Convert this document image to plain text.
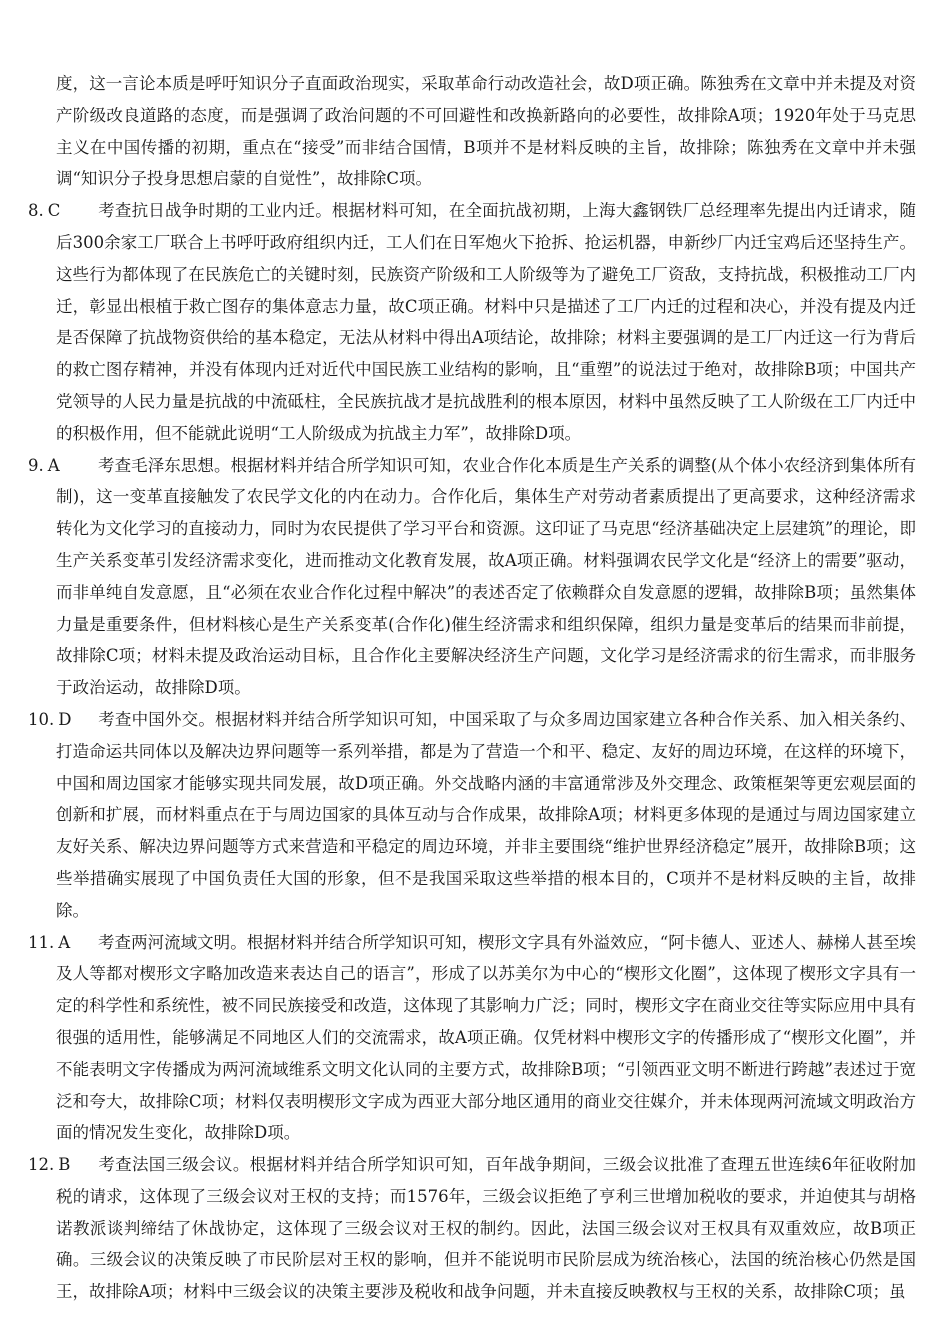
度，这一言论本质是呼吁知识分子直面政治现实，采取革命行动改造社会，故D项正确。陈独秀在文章中并未提及对资产阶级改良道路的态度，而是强调了政治问题的不可回避性和改换新路向的必要性，故排除A项；1920年处于马克思主义在中国传播的初期，重点在“接受”而非结合国情，B项并不是材料反映的主旨，故排除；陈独秀在文章中并未强调“知识分子投身思想启蒙的自觉性”，故排除C项。

8. C	考查抗日战争时期的工业内迁。根据材料可知，在全面抗战初期，上海大鑫钢铁厂总经理率先提出内迁请求，随后300余家工厂联合上书呼吁政府组织内迁，工人们在日军炮火下抢拆、抢运机器，申新纱厂内迁宝鸡后还坚持生产。这些行为都体现了在民族危亡的关键时刻，民族资产阶级和工人阶级等为了避免工厂资敌，支持抗战，积极推动工厂内迁，彰显出根植于救亡图存的集体意志力量，故C项正确。材料中只是描述了工厂内迁的过程和决心，并没有提及内迁是否保障了抗战物资供给的基本稳定，无法从材料中得出A项结论，故排除；材料主要强调的是工厂内迁这一行为背后的救亡图存精神，并没有体现内迁对近代中国民族工业结构的影响，且“重塑”的说法过于绝对，故排除B项；中国共产党领导的人民力量是抗战的中流砥柱，全民族抗战才是抗战胜利的根本原因，材料中虽然反映了工人阶级在工厂内迁中的积极作用，但不能就此说明“工人阶级成为抗战主力军”，故排除D项。
9. A	考查毛泽东思想。根据材料并结合所学知识可知，农业合作化本质是生产关系的调整(从个体小农经济到集体所有制)，这一变革直接触发了农民学文化的内在动力。合作化后，集体生产对劳动者素质提出了更高要求，这种经济需求转化为文化学习的直接动力，同时为农民提供了学习平台和资源。这印证了马克思“经济基础决定上层建筑”的理论，即生产关系变革引发经济需求变化，进而推动文化教育发展，故A项正确。材料强调农民学文化是“经济上的需要”驱动，而非单纯自发意愿，且“必须在农业合作化过程中解决”的表述否定了依赖群众自发意愿的逻辑，故排除B项；虽然集体力量是重要条件，但材料核心是生产关系变革(合作化)催生经济需求和组织保障，组织力量是变革后的结果而非前提，故排除C项；材料未提及政治运动目标，且合作化主要解决经济生产问题，文化学习是经济需求的衍生需求，而非服务于政治运动，故排除D项。
10. D	考查中国外交。根据材料并结合所学知识可知，中国采取了与众多周边国家建立各种合作关系、加入相关条约、打造命运共同体以及解决边界问题等一系列举措，都是为了营造一个和平、稳定、友好的周边环境，在这样的环境下，中国和周边国家才能够实现共同发展，故D项正确。外交战略内涵的丰富通常涉及外交理念、政策框架等更宏观层面的创新和扩展，而材料重点在于与周边国家的具体互动与合作成果，故排除A项；材料更多体现的是通过与周边国家建立友好关系、解决边界问题等方式来营造和平稳定的周边环境，并非主要围绕“维护世界经济稳定”展开，故排除B项；这些举措确实展现了中国负责任大国的形象，但不是我国采取这些举措的根本目的，C项并不是材料反映的主旨，故排除。
11. A	考查两河流域文明。根据材料并结合所学知识可知，楔形文字具有外溢效应，“阿卡德人、亚述人、赫梯人甚至埃及人等都对楔形文字略加改造来表达自己的语言”，形成了以苏美尔为中心的“楔形文化圈”，这体现了楔形文字具有一定的科学性和系统性，被不同民族接受和改造，这体现了其影响力广泛；同时，楔形文字在商业交往等实际应用中具有很强的适用性，能够满足不同地区人们的交流需求，故A项正确。仅凭材料中楔形文字的传播形成了“楔形文化圈”，并不能表明文字传播成为两河流域维系文明文化认同的主要方式，故排除B项；“引领西亚文明不断进行跨越”表述过于宽泛和夸大，故排除C项；材料仅表明楔形文字成为西亚大部分地区通用的商业交往媒介，并未体现两河流域文明政治方面的情况发生变化，故排除D项。
12. B	考查法国三级会议。根据材料并结合所学知识可知，百年战争期间，三级会议批准了查理五世连续6年征收附加税的请求，这体现了三级会议对王权的支持；而1576年，三级会议拒绝了亨利三世增加税收的要求，并迫使其与胡格诺教派谈判缔结了休战协定，这体现了三级会议对王权的制约。因此，法国三级会议对王权具有双重效应，故B项正确。三级会议的决策反映了市民阶层对王权的影响，但并不能说明市民阶层成为统治核心，法国的统治核心仍然是国王，故排除A项；材料中三级会议的决策主要涉及税收和战争问题，并未直接反映教权与王权的关系，故排除C项；虽
